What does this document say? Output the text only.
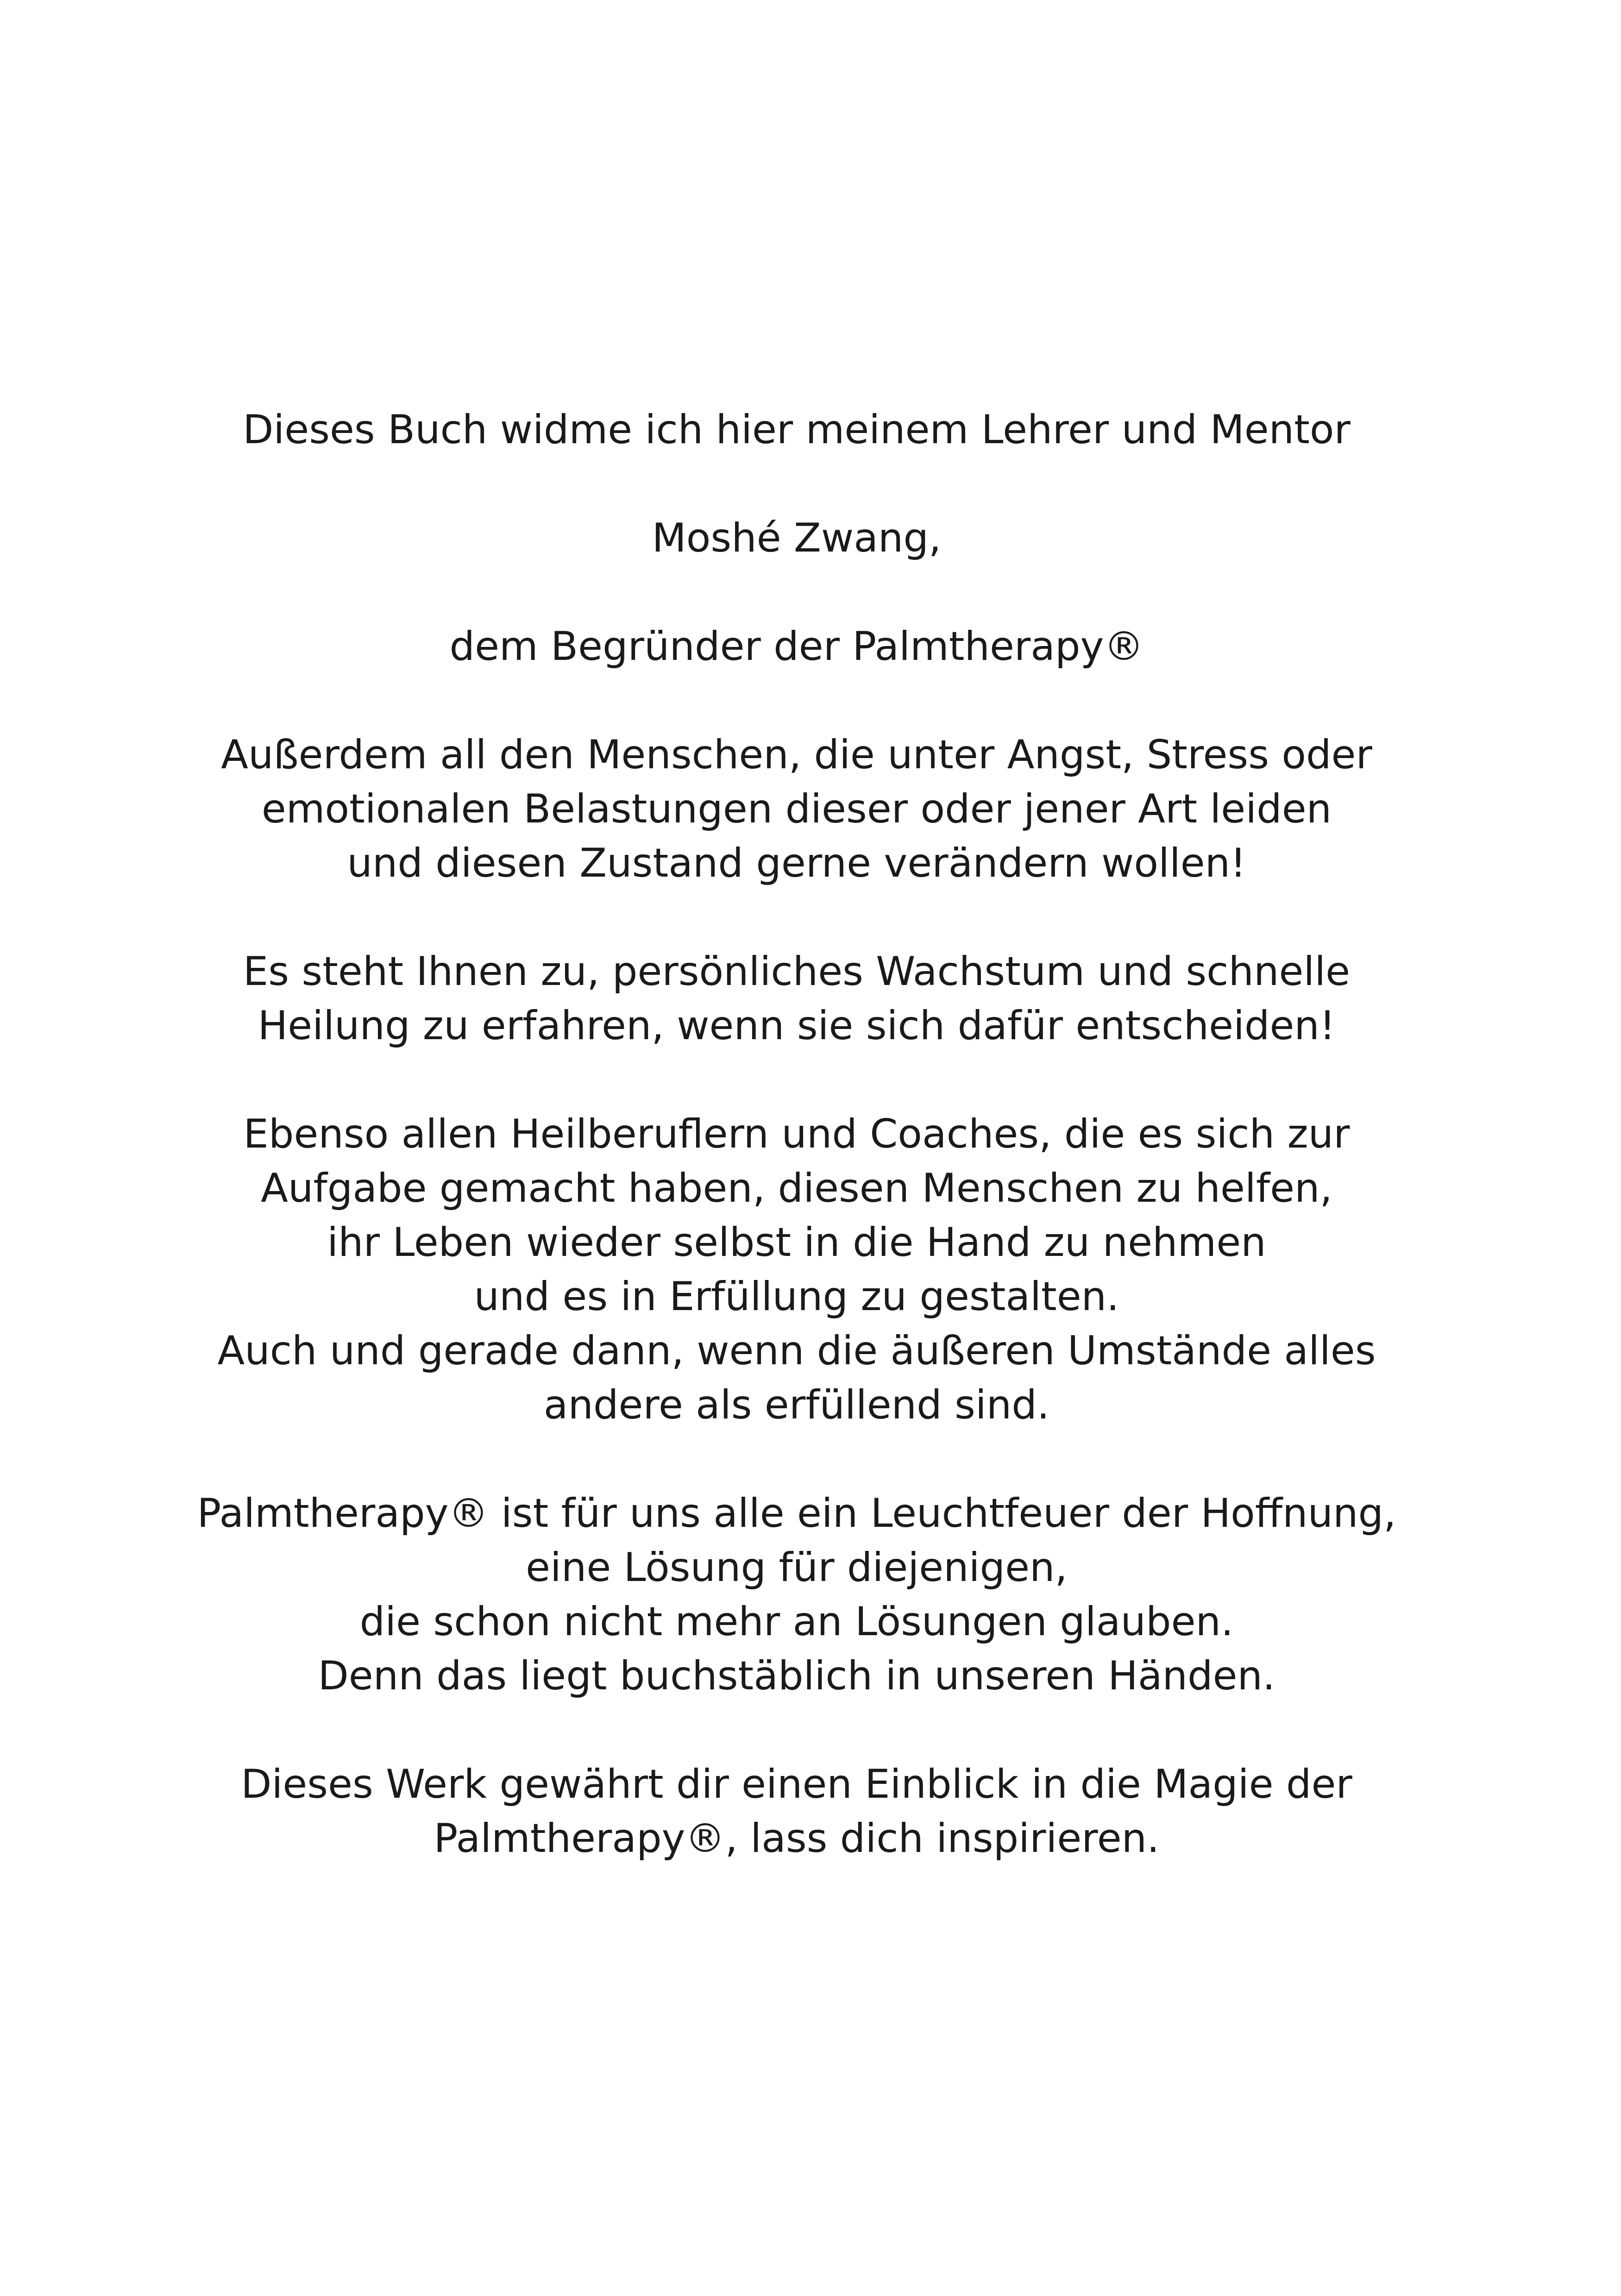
Dieses Buch widme ich hier meinem Lehrer und Mentor
Moshé Zwang,
dem Begründer der Palmtherapy®
Außerdem all den Menschen, die unter Angst, Stress oder
emotionalen Belastungen dieser oder jener Art leiden
und diesen Zustand gerne verändern wollen!
Es steht Ihnen zu, persönliches Wachstum und schnelle
Heilung zu erfahren, wenn sie sich dafür entscheiden!
Ebenso allen Heilberuflern und Coaches, die es sich zur
Aufgabe gemacht haben, diesen Menschen zu helfen,
ihr Leben wieder selbst in die Hand zu nehmen
und es in Erfüllung zu gestalten.
Auch und gerade dann, wenn die äußeren Umstände alles
andere als erfüllend sind.
Palmtherapy® ist für uns alle ein Leuchtfeuer der Hoffnung,
eine Lösung für diejenigen,
die schon nicht mehr an Lösungen glauben.
Denn das liegt buchstäblich in unseren Händen.
Dieses Werk gewährt dir einen Einblick in die Magie der
Palmtherapy®, lass dich inspirieren.
